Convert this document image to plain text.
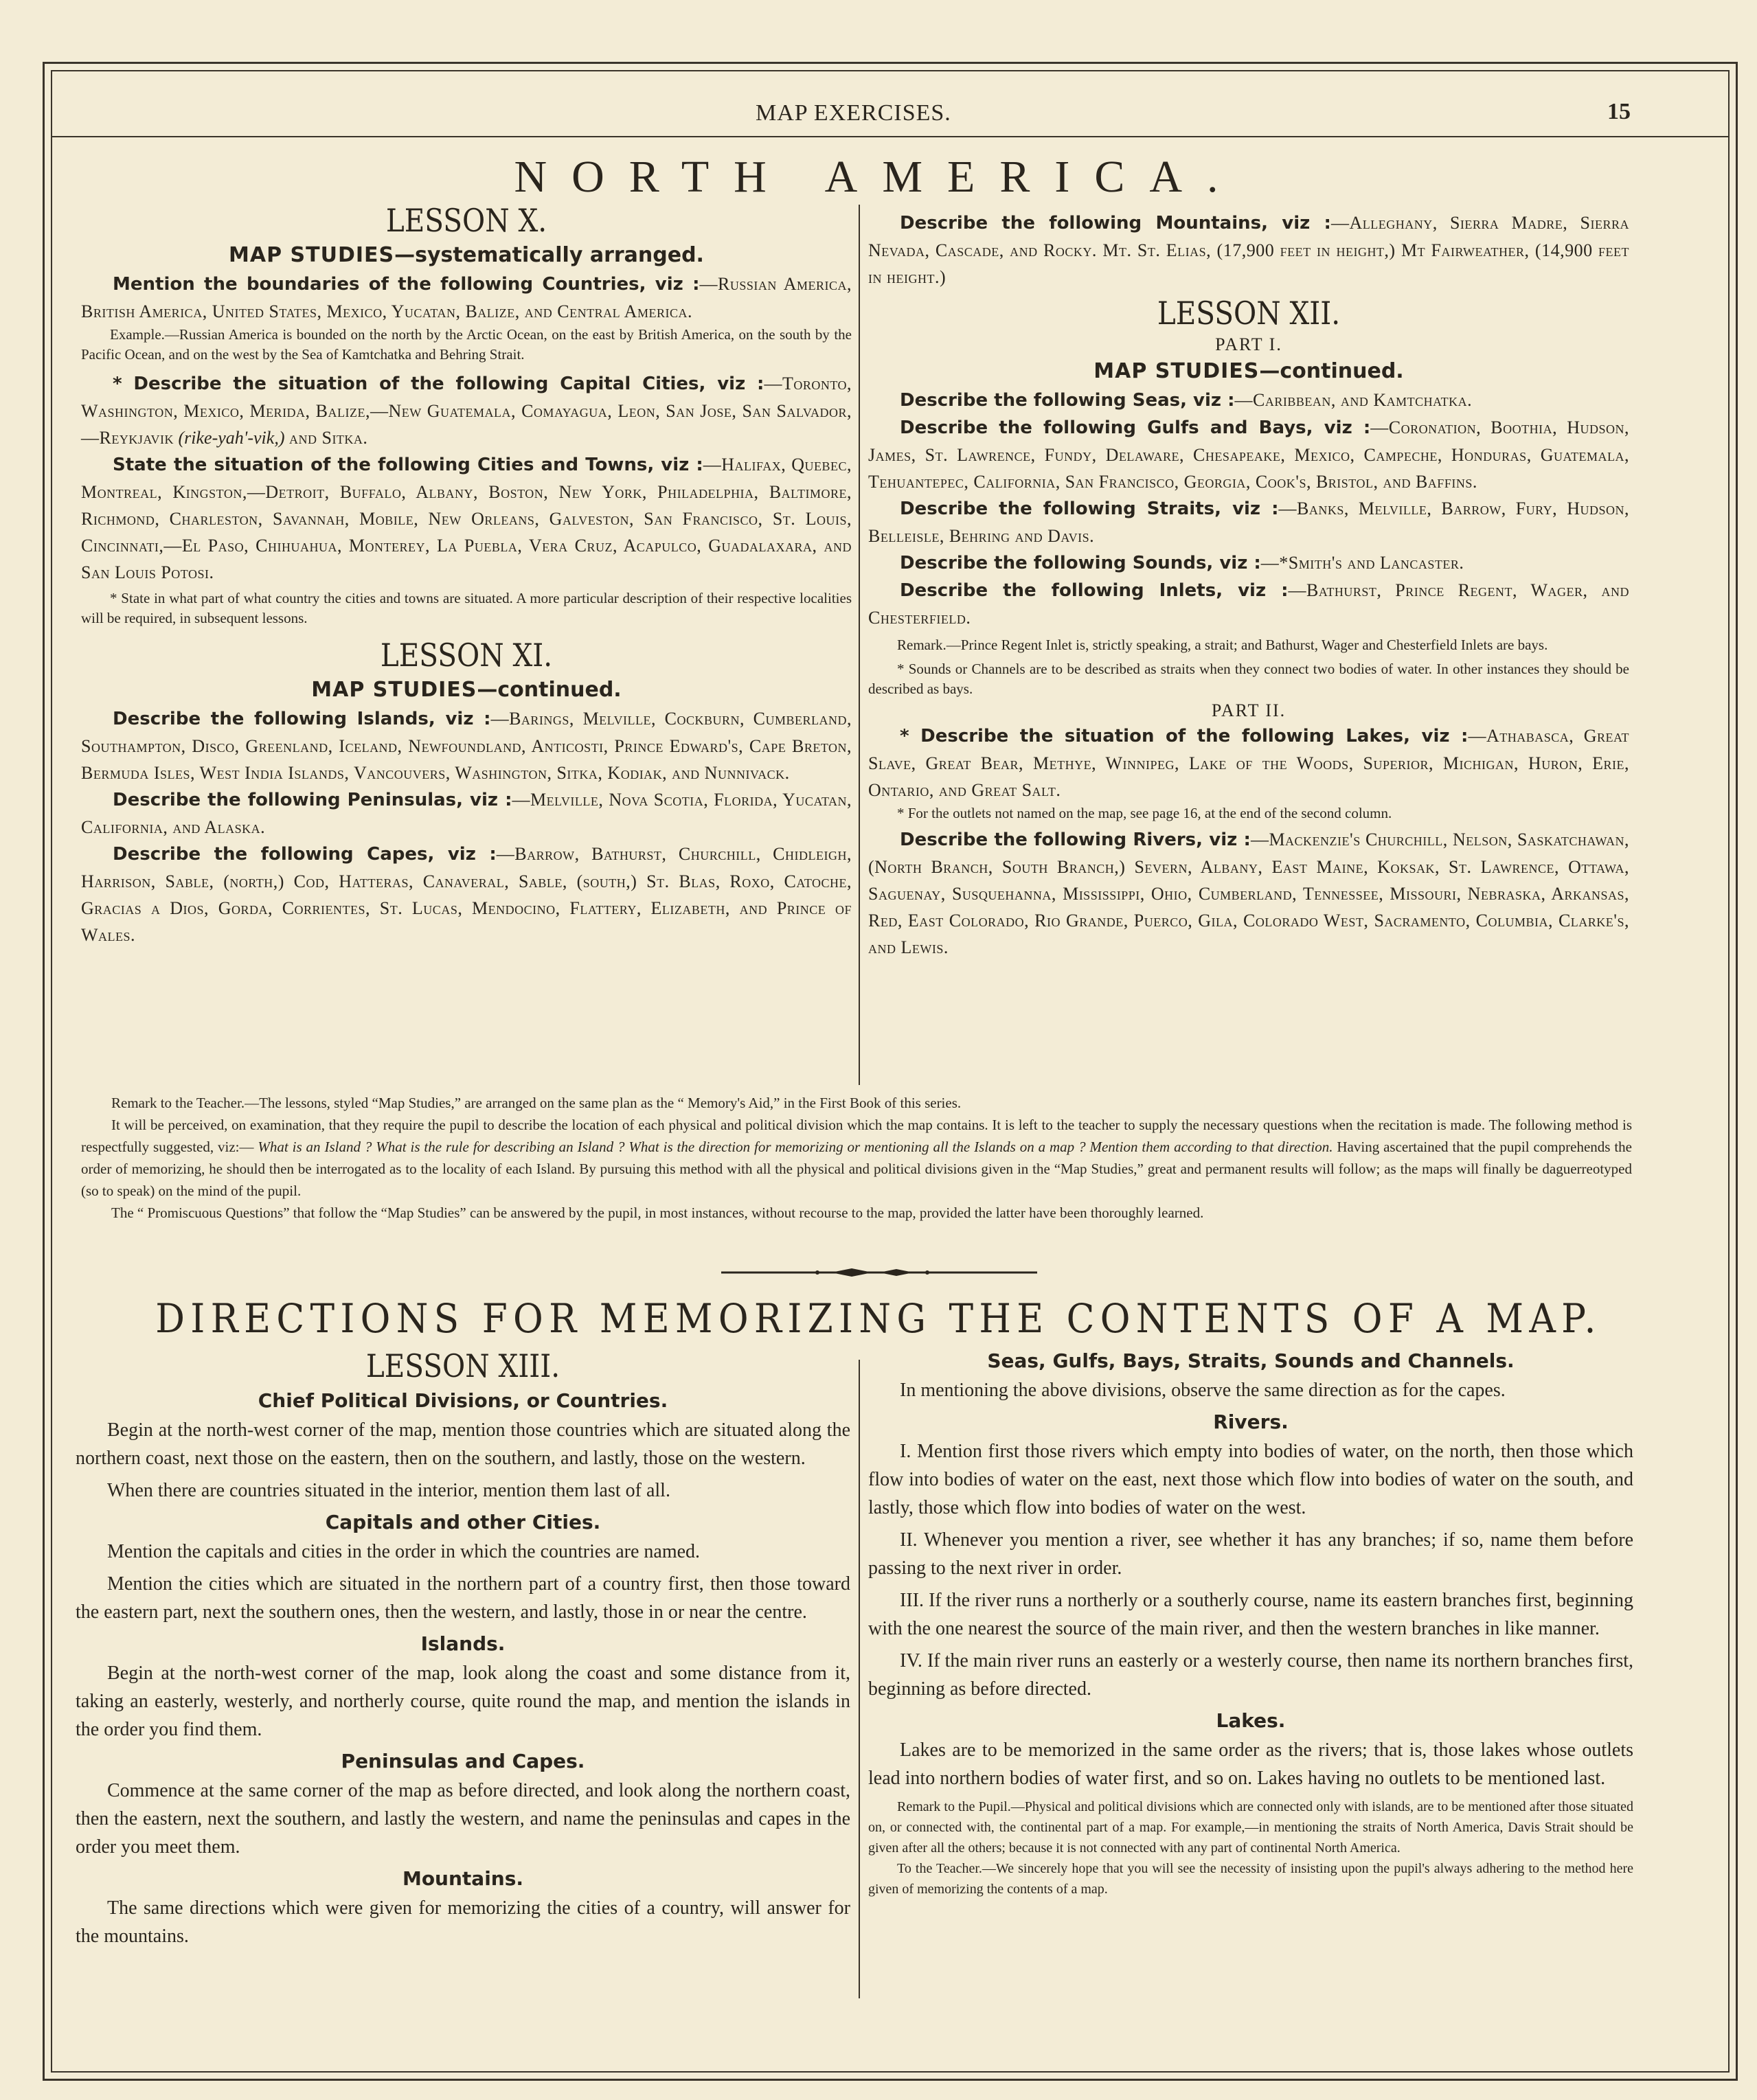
MAP EXERCISES.	15
NORTH AMERICA.

LESSON X.

MAP STUDIES—systematically arranged.

Mention the boundaries of the following Countries, viz :—Russian America, British America, United States, Mexico, Yucatan, Balize, and Central America.

Example.—Russian America is bounded on the north by the Arctic Ocean, on the east by British America, on the south by the Pacific Ocean, and on the west by the Sea of Kamtchatka and Behring Strait.

* Describe the situation of the following Capital Cities, viz :—Toronto, Washington, Mexico, Merida, Balize,—New Guatemala, Comayagua, Leon, San Jose, San Salvador,—Reykjavik (rike-yah'-vik,) and Sitka.

State the situation of the following Cities and Towns, viz :—Halifax, Quebec, Montreal, Kingston,—Detroit, Buffalo, Albany, Boston, New York, Philadelphia, Baltimore, Richmond, Charleston, Savannah, Mobile, New Orleans, Galveston, San Francisco, St. Louis, Cincinnati,—El Paso, Chihuahua, Monterey, La Puebla, Vera Cruz, Acapulco, Guadalaxara, and San Louis Potosi.

* State in what part of what country the cities and towns are situated. A more particular description of their respective localities will be required, in subsequent lessons.

LESSON XI.

MAP STUDIES—continued.

Describe the following Islands, viz :—Barings, Melville, Cockburn, Cumberland, Southampton, Disco, Greenland, Iceland, Newfoundland, Anticosti, Prince Edward's, Cape Breton, Bermuda Isles, West India Islands, Vancouvers, Washington, Sitka, Kodiak, and Nunnivack.

Describe the following Peninsulas, viz :—Melville, Nova Scotia, Florida, Yucatan, California, and Alaska.

Describe the following Capes, viz :—Barrow, Bathurst, Churchill, Chidleigh, Harrison, Sable, (north,) Cod, Hatteras, Canaveral, Sable, (south,) St. Blas, Roxo, Catoche, Gracias a Dios, Gorda, Corrientes, St. Lucas, Mendocino, Flattery, Elizabeth, and Prince of Wales.

Describe the following Mountains, viz :—Alleghany, Sierra Madre, Sierra Nevada, Cascade, and Rocky. Mt. St. Elias, (17,900 feet in height,) Mt Fairweather, (14,900 feet in height.)

LESSON XII.

PART I.

MAP STUDIES—continued.

Describe the following Seas, viz :—Caribbean, and Kamtchatka.

Describe the following Gulfs and Bays, viz :—Coronation, Boothia, Hudson, James, St. Lawrence, Fundy, Delaware, Chesapeake, Mexico, Campeche, Honduras, Guatemala, Tehuantepec, California, San Francisco, Georgia, Cook's, Bristol, and Baffins.

Describe the following Straits, viz :—Banks, Melville, Barrow, Fury, Hudson, Belleisle, Behring and Davis.

Describe the following Sounds, viz :—*Smith's and Lancaster.

Describe the following Inlets, viz :—Bathurst, Prince Regent, Wager, and Chesterfield.

Remark.—Prince Regent Inlet is, strictly speaking, a strait; and Bathurst, Wager and Chesterfield Inlets are bays.

* Sounds or Channels are to be described as straits when they connect two bodies of water. In other instances they should be described as bays.

PART II.

* Describe the situation of the following Lakes, viz :—Athabasca, Great Slave, Great Bear, Methye, Winnipeg, Lake of the Woods, Superior, Michigan, Huron, Erie, Ontario, and Great Salt.

* For the outlets not named on the map, see page 16, at the end of the second column.

Describe the following Rivers, viz :—Mackenzie's Churchill, Nelson, Saskatchawan, (North Branch, South Branch,) Severn, Albany, East Maine, Koksak, St. Lawrence, Ottawa, Saguenay, Susquehanna, Mississippi, Ohio, Cumberland, Tennessee, Missouri, Nebraska, Arkansas, Red, East Colorado, Rio Grande, Puerco, Gila, Colorado West, Sacramento, Columbia, Clarke's, and Lewis.

Remark to the Teacher.—The lessons, styled “Map Studies,” are arranged on the same plan as the “ Memory's Aid,” in the First Book of this series.

It will be perceived, on examination, that they require the pupil to describe the location of each physical and political division which the map contains. It is left to the teacher to supply the necessary questions when the recitation is made. The following method is respectfully suggested, viz:— What is an Island ? What is the rule for describing an Island ? What is the direction for memorizing or mentioning all the Islands on a map ? Mention them according to that direction. Having ascertained that the pupil comprehends the order of memorizing, he should then be interrogated as to the locality of each Island. By pursuing this method with all the physical and political divisions given in the “Map Studies,” great and permanent results will follow; as the maps will finally be daguerreotyped (so to speak) on the mind of the pupil.

The “ Promiscuous Questions” that follow the “Map Studies” can be answered by the pupil, in most instances, without recourse to the map, provided the latter have been thoroughly learned.

DIRECTIONS FOR MEMORIZING THE CONTENTS OF A MAP.

LESSON XIII.

Chief Political Divisions, or Countries.

Begin at the north-west corner of the map, mention those countries which are situated along the northern coast, next those on the eastern, then on the southern, and lastly, those on the western.

When there are countries situated in the interior, mention them last of all.

Capitals and other Cities.

Mention the capitals and cities in the order in which the countries are named.

Mention the cities which are situated in the northern part of a country first, then those toward the eastern part, next the southern ones, then the western, and lastly, those in or near the centre.

Islands.

Begin at the north-west corner of the map, look along the coast and some distance from it, taking an easterly, westerly, and northerly course, quite round the map, and mention the islands in the order you find them.

Peninsulas and Capes.

Commence at the same corner of the map as before directed, and look along the northern coast, then the eastern, next the southern, and lastly the western, and name the peninsulas and capes in the order you meet them.

Mountains.

The same directions which were given for memorizing the cities of a country, will answer for the mountains.

Seas, Gulfs, Bays, Straits, Sounds and Channels.

In mentioning the above divisions, observe the same direction as for the capes.

Rivers.

I. Mention first those rivers which empty into bodies of water, on the north, then those which flow into bodies of water on the east, next those which flow into bodies of water on the south, and lastly, those which flow into bodies of water on the west.

II. Whenever you mention a river, see whether it has any branches; if so, name them before passing to the next river in order.

III. If the river runs a northerly or a southerly course, name its eastern branches first, beginning with the one nearest the source of the main river, and then the western branches in like manner.

IV. If the main river runs an easterly or a westerly course, then name its northern branches first, beginning as before directed.

Lakes.

Lakes are to be memorized in the same order as the rivers; that is, those lakes whose outlets lead into northern bodies of water first, and so on. Lakes having no outlets to be mentioned last.

Remark to the Pupil.—Physical and political divisions which are connected only with islands, are to be mentioned after those situated on, or connected with, the continental part of a map. For example,—in mentioning the straits of North America, Davis Strait should be given after all the others; because it is not connected with any part of continental North America.

To the Teacher.—We sincerely hope that you will see the necessity of insisting upon the pupil's always adhering to the method here given of memorizing the contents of a map.
